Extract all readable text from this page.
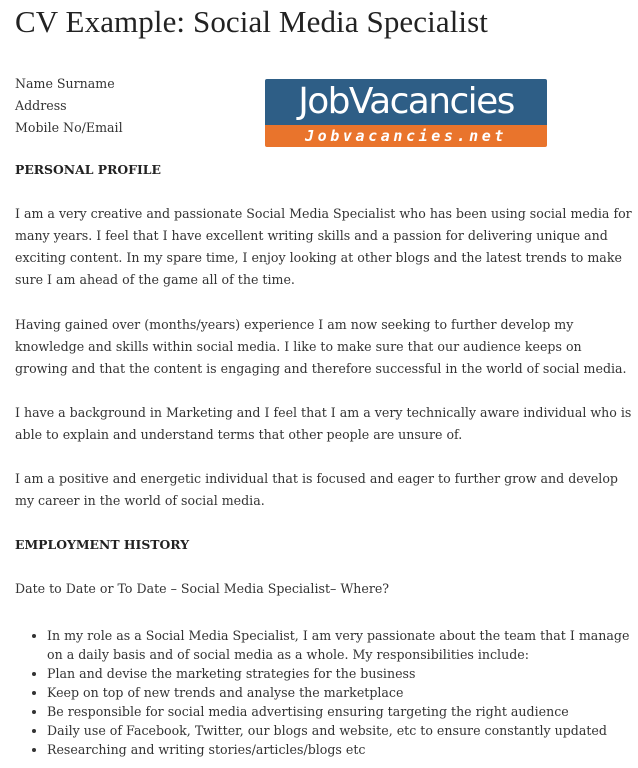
CV Example: Social Media Specialist
Name Surname
Address
Mobile No/Email
JobVacancies
Jobvacancies.net
PERSONAL PROFILE

I am a very creative and passionate Social Media Specialist who has been using social media for many years. I feel that I have excellent writing skills and a passion for delivering unique and exciting content. In my spare time, I enjoy looking at other blogs and the latest trends to make sure I am ahead of the game all of the time.

Having gained over (months/years) experience I am now seeking to further develop my knowledge and skills within social media. I like to make sure that our audience keeps on growing and that the content is engaging and therefore successful in the world of social media.

I have a background in Marketing and I feel that I am a very technically aware individual who is able to explain and understand terms that other people are unsure of.

I am a positive and energetic individual that is focused and eager to further grow and develop my career in the world of social media.

EMPLOYMENT HISTORY

Date to Date or To Date – Social Media Specialist– Where?

• In my role as a Social Media Specialist, I am very passionate about the team that I manage on a daily basis and of social media as a whole. My responsibilities include:
• Plan and devise the marketing strategies for the business
• Keep on top of new trends and analyse the marketplace
• Be responsible for social media advertising ensuring targeting the right audience
• Daily use of Facebook, Twitter, our blogs and website, etc to ensure constantly updated
• Researching and writing stories/articles/blogs etc
